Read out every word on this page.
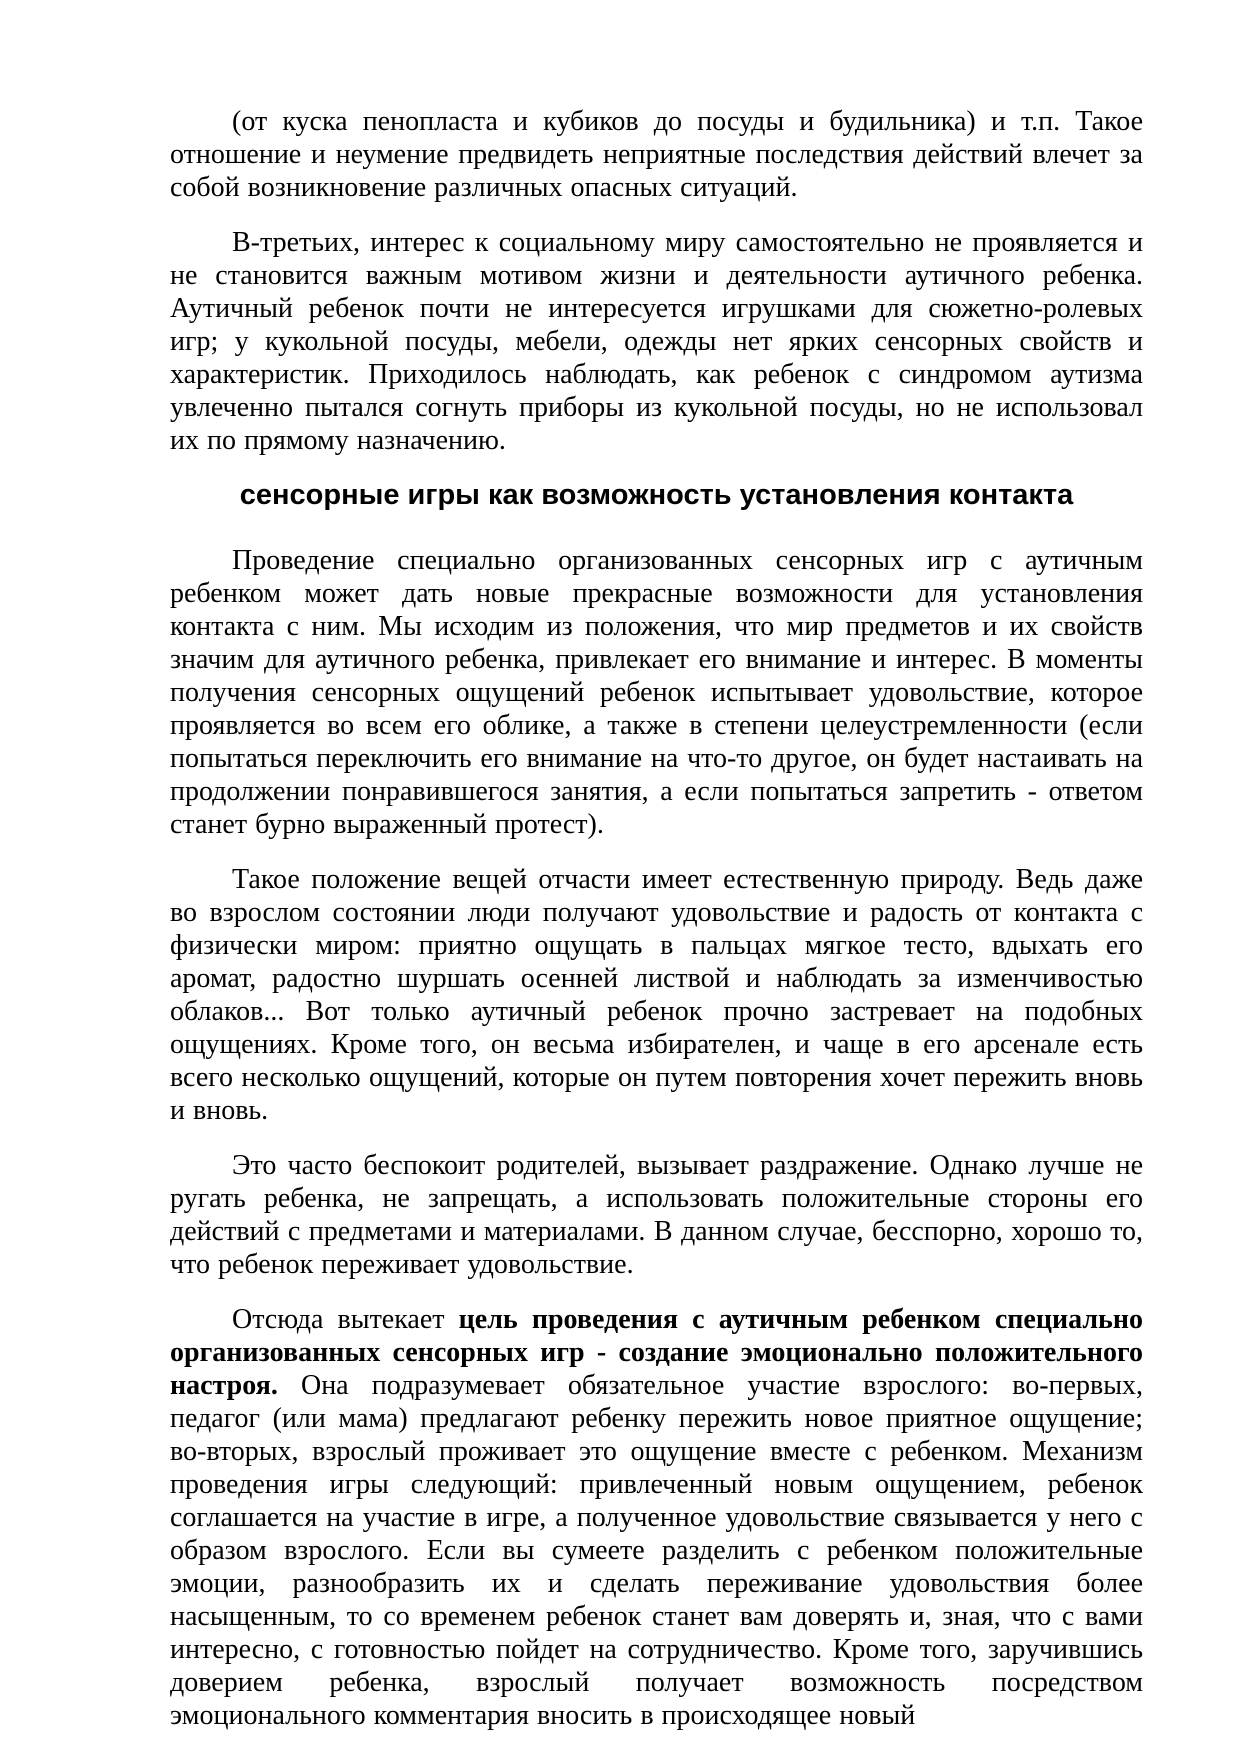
(от куска пенопласта и кубиков до посуды и будильника) и т.п. Такое отношение и неумение предвидеть неприятные последствия действий влечет за собой возникновение различных опасных ситуаций.

В-третьих, интерес к социальному миру самостоятельно не проявляется и не становится важным мотивом жизни и деятельности аутичного ребенка. Аутичный ребенок почти не интересуется игрушками для сюжетно-ролевых игр; у кукольной посуды, мебели, одежды нет ярких сенсорных свойств и характеристик. Приходилось наблюдать, как ребенок с синдромом аутизма увлеченно пытался согнуть приборы из кукольной посуды, но не использовал их по прямому назначению.

сенсорные игры как возможность установления контакта

Проведение специально организованных сенсорных игр с аутичным ребенком может дать новые прекрасные возможности для установления контакта с ним. Мы исходим из положения, что мир предметов и их свойств значим для аутичного ребенка, привлекает его внимание и интерес. В моменты получения сенсорных ощущений ребенок испытывает удовольствие, которое проявляется во всем его облике, а также в степени целеустремленности (если попытаться переключить его внимание на что-то другое, он будет настаивать на продолжении понравившегося занятия, а если попытаться запретить - ответом станет бурно выраженный протест).

Такое положение вещей отчасти имеет естественную природу. Ведь даже во взрослом состоянии люди получают удовольствие и радость от контакта с физически миром: приятно ощущать в пальцах мягкое тесто, вдыхать его аромат, радостно шуршать осенней листвой и наблюдать за изменчивостью облаков... Вот только аутичный ребенок прочно застревает на подобных ощущениях. Кроме того, он весьма избирателен, и чаще в его арсенале есть всего несколько ощущений, которые он путем повторения хочет пережить вновь и вновь.

Это часто беспокоит родителей, вызывает раздражение. Однако лучше не ругать ребенка, не запрещать, а использовать положительные стороны его действий с предметами и материалами. В данном случае, бесспорно, хорошо то, что ребенок переживает удовольствие.

Отсюда вытекает цель проведения с аутичным ребенком специально организованных сенсорных игр - создание эмоционально положительного настроя. Она подразумевает обязательное участие взрослого: во-первых, педагог (или мама) предлагают ребенку пережить новое приятное ощущение; во-вторых, взрослый проживает это ощущение вместе с ребенком. Механизм проведения игры следующий: привлеченный новым ощущением, ребенок соглашается на участие в игре, а полученное удовольствие связывается у него с образом взрослого. Если вы сумеете разделить с ребенком положительные эмоции, разнообразить их и сделать переживание удовольствия более насыщенным, то со временем ребенок станет вам доверять и, зная, что с вами интересно, с готовностью пойдет на сотрудничество. Кроме того, заручившись доверием ребенка, взрослый получает возможность посредством эмоционального комментария вносить в происходящее новый
